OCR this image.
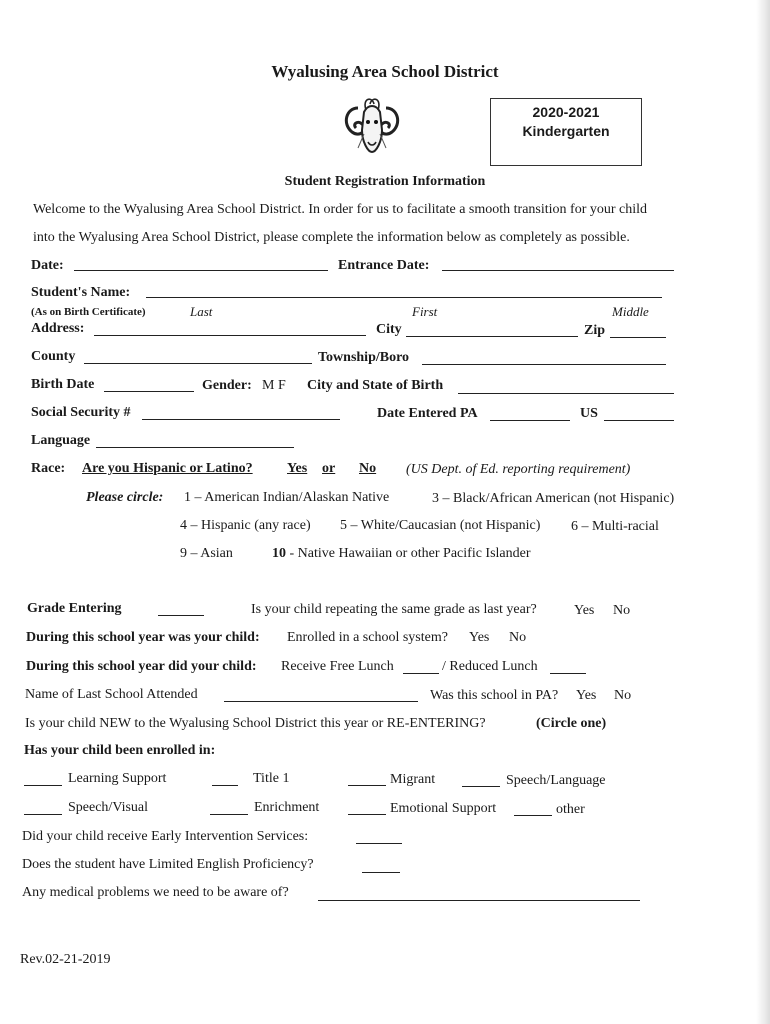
Wyalusing Area School District
2020-2021
Kindergarten
Student Registration Information
Welcome to the Wyalusing Area School District. In order for us to facilitate a smooth transition for your child
into the Wyalusing Area School District, please complete the information below as completely as possible.
Date:	Entrance Date:
Student's Name:
(As on Birth Certificate)	Last	First	Middle
Address:	City	Zip
County	Township/Boro
Birth Date	Gender: M F City and State of Birth
Social Security #	Date Entered PA	US
Language
Race: Are you Hispanic or Latino? Yes or No (US Dept. of Ed. reporting requirement)
Please circle: 1 – American Indian/Alaskan Native	3 – Black/African American (not Hispanic)
4 – Hispanic (any race) 5 – White/Caucasian (not Hispanic) 6 – Multi-racial
9 – Asian	10 - Native Hawaiian or other Pacific Islander
Grade Entering	Is your child repeating the same grade as last year?	Yes No
During this school year was your child: Enrolled in a school system? Yes No
During this school year did your child: Receive Free Lunch	/ Reduced Lunch
Name of Last School Attended	Was this school in PA? Yes No
Is your child NEW to the Wyalusing School District this year or RE-ENTERING?	(Circle one)
Has your child been enrolled in:
Learning Support	Title 1	Migrant	Speech/Language
Speech/Visual	Enrichment	Emotional Support	other
Did your child receive Early Intervention Services:
Does the student have Limited English Proficiency?
Any medical problems we need to be aware of?
Rev.02-21-2019
